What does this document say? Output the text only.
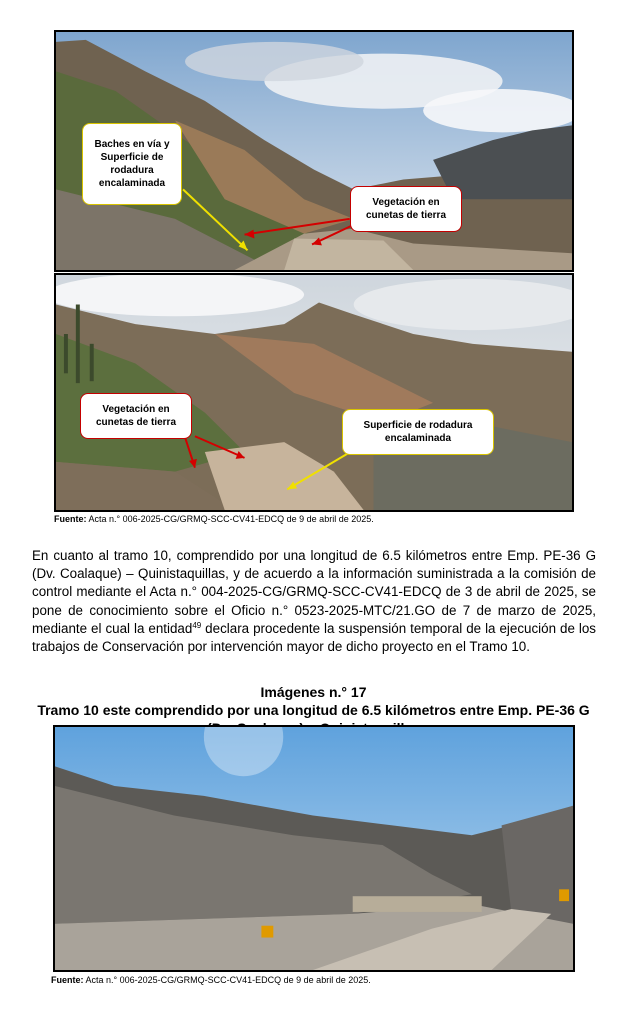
Baches en vía y Superficie de rodadura encalaminada
Vegetación en cunetas de tierra
Vegetación en cunetas de tierra	Superficie de rodadura encalaminada
Fuente: Acta n.° 006-2025-CG/GRMQ-SCC-CV41-EDCQ de 9 de abril de 2025.

En cuanto al tramo 10, comprendido por una longitud de 6.5 kilómetros entre Emp. PE-36 G (Dv. Coalaque) – Quinistaquillas, y de acuerdo a la información suministrada a la comisión de control mediante el Acta n.° 004-2025-CG/GRMQ-SCC-CV41-EDCQ de 3 de abril de 2025, se pone de conocimiento sobre el Oficio n.° 0523-2025-MTC/21.GO de 7 de marzo de 2025, mediante el cual la entidad$^{49}$ declara procedente la suspensión temporal de la ejecución de los trabajos de Conservación por intervención mayor de dicho proyecto en el Tramo 10.

Imágenes n.° 17
Tramo 10 este comprendido por una longitud de 6.5 kilómetros entre Emp. PE-36 G
Fuente: Acta n.° 006-2025-CG/GRMQ-SCC-CV41-EDCQ de 9 de abril de 2025.
